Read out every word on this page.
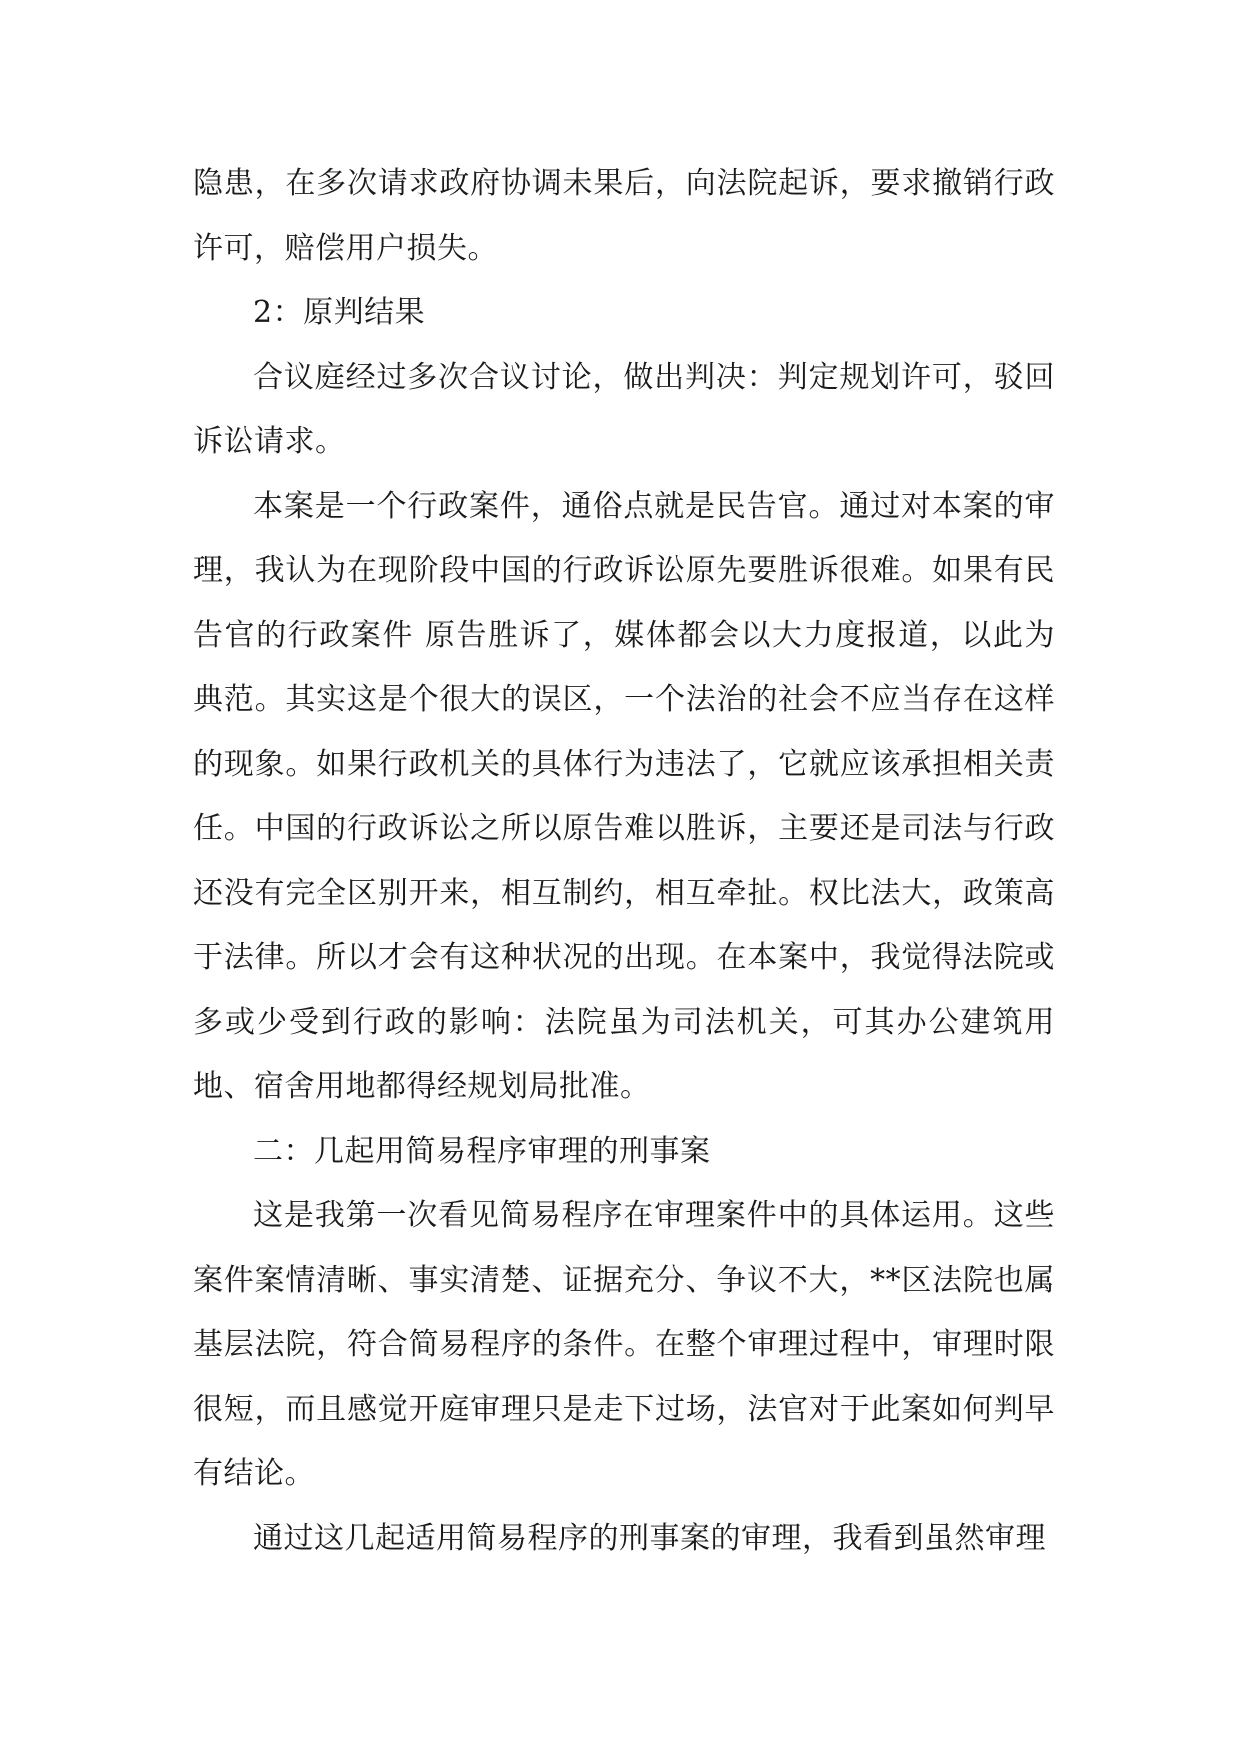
隐患，在多次请求政府协调未果后，向法院起诉，要求撤销行政许可，赔偿用户损失。

2：原判结果

合议庭经过多次合议讨论，做出判决：判定规划许可，驳回诉讼请求。

本案是一个行政案件，通俗点就是民告官。通过对本案的审理，我认为在现阶段中国的行政诉讼原先要胜诉很难。如果有民告官的行政案件 原告胜诉了，媒体都会以大力度报道，以此为典范。其实这是个很大的误区，一个法治的社会不应当存在这样的现象。如果行政机关的具体行为违法了，它就应该承担相关责任。中国的行政诉讼之所以原告难以胜诉，主要还是司法与行政还没有完全区别开来，相互制约，相互牵扯。权比法大，政策高于法律。所以才会有这种状况的出现。在本案中，我觉得法院或多或少受到行政的影响：法院虽为司法机关，可其办公建筑用地、宿舍用地都得经规划局批准。

二：几起用简易程序审理的刑事案

这是我第一次看见简易程序在审理案件中的具体运用。这些案件案情清晰、事实清楚、证据充分、争议不大，**区法院也属基层法院，符合简易程序的条件。在整个审理过程中，审理时限很短，而且感觉开庭审理只是走下过场，法官对于此案如何判早有结论。

通过这几起适用简易程序的刑事案的审理，我看到虽然审理
